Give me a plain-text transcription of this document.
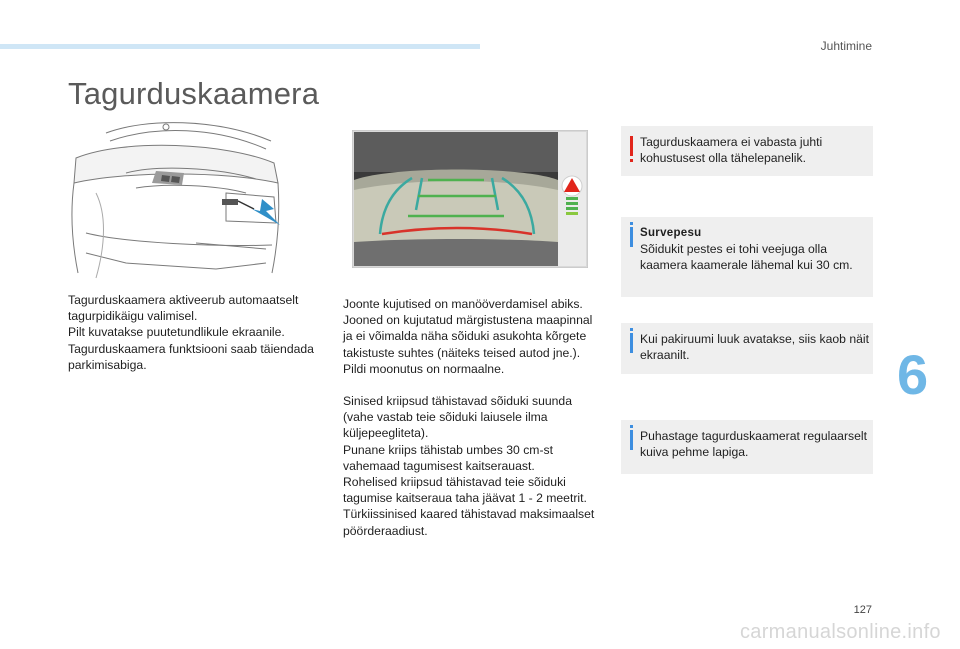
Juhtimine
Tagurduskaamera
Tagurduskaamera aktiveerub automaatselt
tagurpidikäigu valimisel.
Pilt kuvatakse puutetundlikule ekraanile.
Tagurduskaamera funktsiooni saab täiendada
parkimisabiga.
Joonte kujutised on manööverdamisel abiks.
Jooned on kujutatud märgistustena maapinnal
ja ei võimalda näha sõiduki asukohta kõrgete
takistuste suhtes (näiteks teised autod jne.).
Pildi moonutus on normaalne.
Sinised kriipsud tähistavad sõiduki suunda
(vahe vastab teie sõiduki laiusele ilma
küljepeegliteta).
Punane kriips tähistab umbes 30 cm-st
vahemaad tagumisest kaitserauast.
Rohelised kriipsud tähistavad teie sõiduki
tagumise kaitseraua taha jäävat 1 - 2 meetrit.
Türkiissinised kaared tähistavad maksimaalset
pöörderaadiust.
Tagurduskaamera ei vabasta juhti
kohustusest olla tähelepanelik.
Survepesu
Sõidukit pestes ei tohi veejuga olla
kaamera kaamerale lähemal kui 30 cm.
Kui pakiruumi luuk avatakse, siis kaob näit
ekraanilt.
Puhastage tagurduskaamerat regulaarselt
kuiva pehme lapiga.
6
127
carmanualsonline.info
